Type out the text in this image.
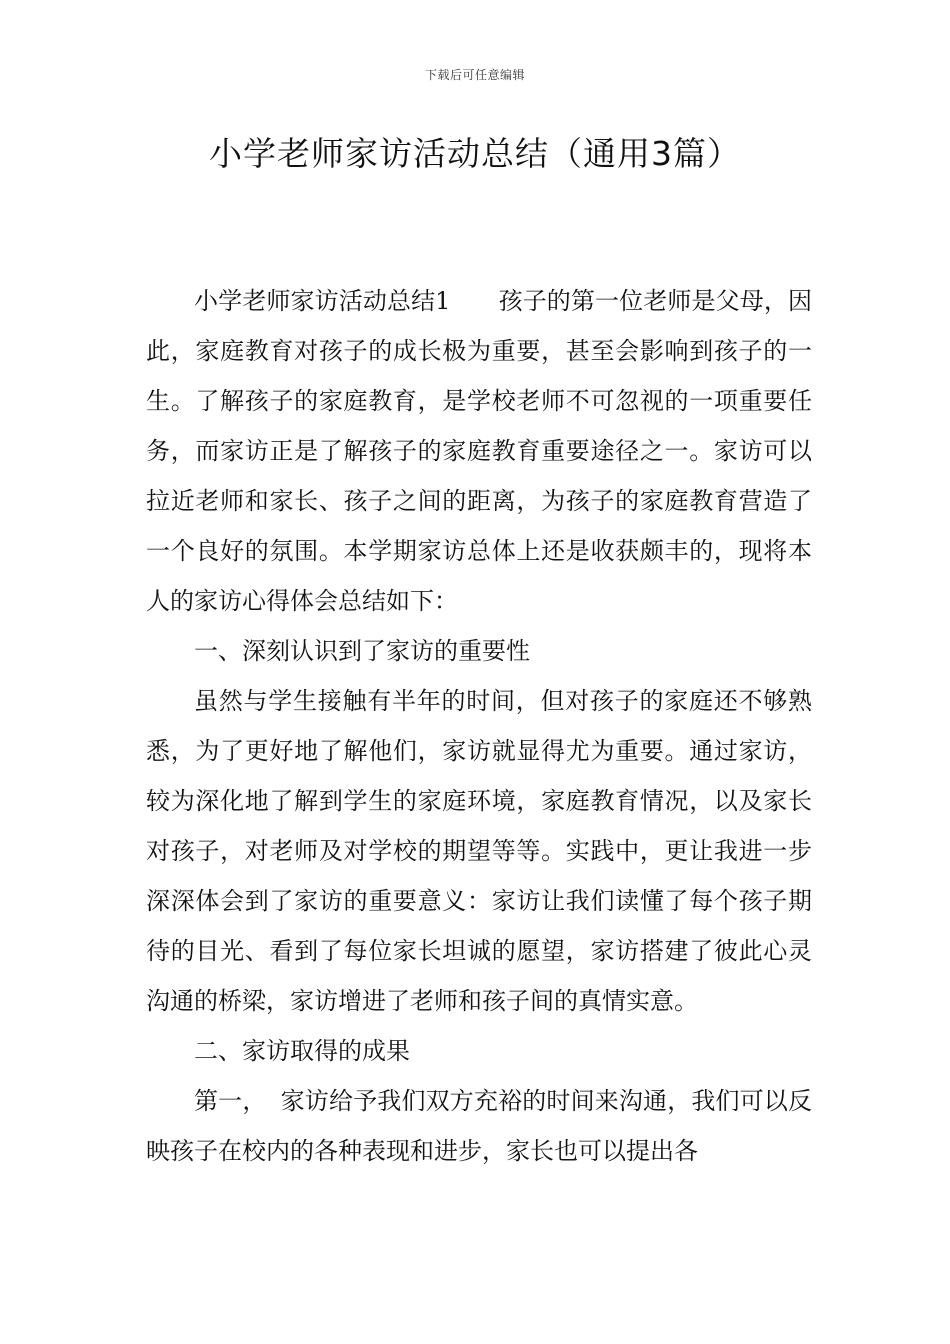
下载后可任意编辑
小学老师家访活动总结（通用3篇）

小学老师家访活动总结1 孩子的第一位老师是父母，因此，家庭教育对孩子的成长极为重要，甚至会影响到孩子的一生。了解孩子的家庭教育，是学校老师不可忽视的一项重要任务，而家访正是了解孩子的家庭教育重要途径之一。家访可以拉近老师和家长、孩子之间的距离，为孩子的家庭教育营造了一个良好的氛围。本学期家访总体上还是收获颇丰的，现将本人的家访心得体会总结如下：

一、深刻认识到了家访的重要性

虽然与学生接触有半年的时间，但对孩子的家庭还不够熟悉，为了更好地了解他们，家访就显得尤为重要。通过家访，较为深化地了解到学生的家庭环境，家庭教育情况，以及家长对孩子，对老师及对学校的期望等等。实践中，更让我进一步深深体会到了家访的重要意义：家访让我们读懂了每个孩子期待的目光、看到了每位家长坦诚的愿望，家访搭建了彼此心灵沟通的桥梁，家访增进了老师和孩子间的真情实意。

二、家访取得的成果

第一， 家访给予我们双方充裕的时间来沟通，我们可以反映孩子在校内的各种表现和进步，家长也可以提出各
